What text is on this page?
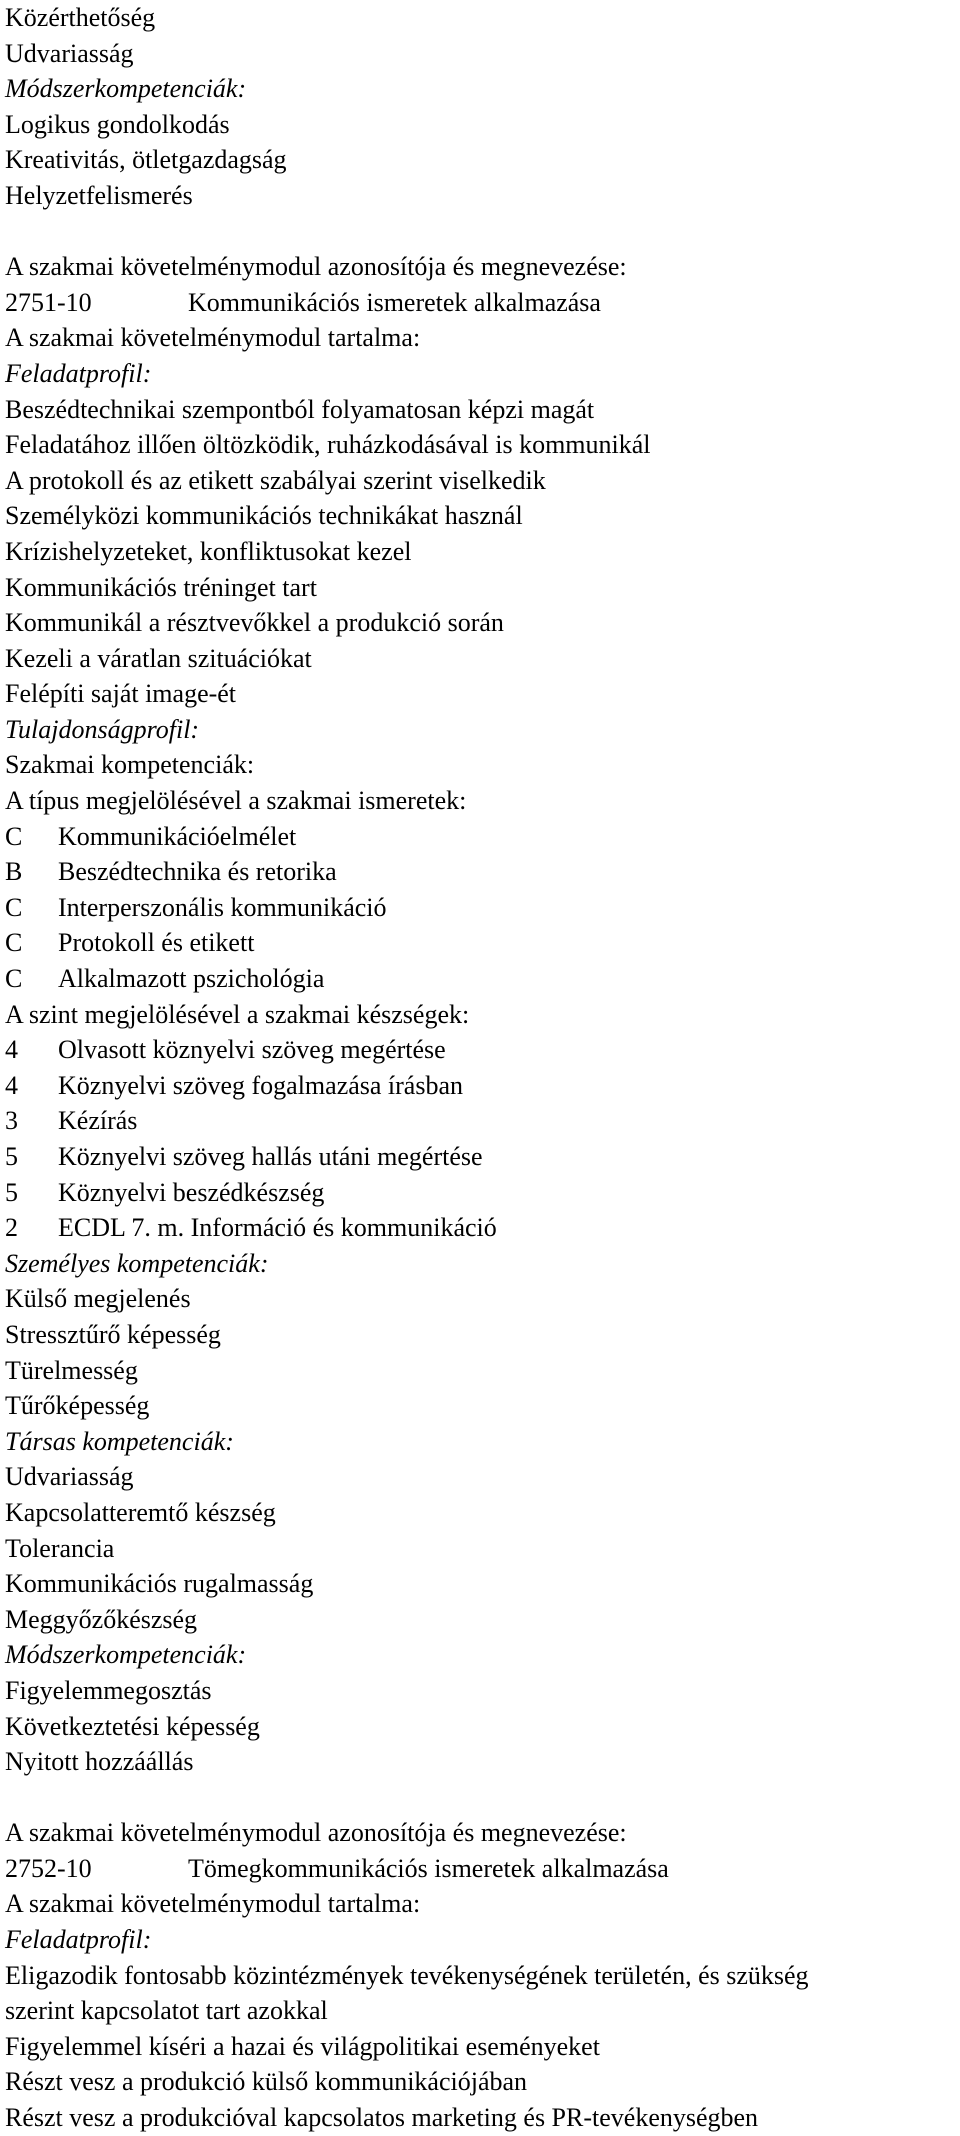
Közérthetőség
Udvariasság
Módszerkompetenciák:
Logikus gondolkodás
Kreativitás, ötletgazdagság
Helyzetfelismerés
A szakmai követelménymodul azonosítója és megnevezése:
2751-10	Kommunikációs ismeretek alkalmazása
A szakmai követelménymodul tartalma:
Feladatprofil:
Beszédtechnikai szempontból folyamatosan képzi magát
Feladatához illően öltözködik, ruházkodásával is kommunikál
A protokoll és az etikett szabályai szerint viselkedik
Személyközi kommunikációs technikákat használ
Krízishelyzeteket, konfliktusokat kezel
Kommunikációs tréninget tart
Kommunikál a résztvevőkkel a produkció során
Kezeli a váratlan szituációkat
Felépíti saját image-ét
Tulajdonságprofil:
Szakmai kompetenciák:
A típus megjelölésével a szakmai ismeretek:
C Kommunikációelmélet
B Beszédtechnika és retorika
C Interperszonális kommunikáció
C Protokoll és etikett
C Alkalmazott pszichológia
A szint megjelölésével a szakmai készségek:
4 Olvasott köznyelvi szöveg megértése
4 Köznyelvi szöveg fogalmazása írásban
3 Kézírás
5 Köznyelvi szöveg hallás utáni megértése
5 Köznyelvi beszédkészség
2 ECDL 7. m. Információ és kommunikáció
Személyes kompetenciák:
Külső megjelenés
Stressztűrő képesség
Türelmesség
Tűrőképesség
Társas kompetenciák:
Udvariasság
Kapcsolatteremtő készség
Tolerancia
Kommunikációs rugalmasság
Meggyőzőkészség
Módszerkompetenciák:
Figyelemmegosztás
Következtetési képesség
Nyitott hozzáállás
A szakmai követelménymodul azonosítója és megnevezése:
2752-10	Tömegkommunikációs ismeretek alkalmazása
A szakmai követelménymodul tartalma:
Feladatprofil:
Eligazodik fontosabb közintézmények tevékenységének területén, és szükség
szerint kapcsolatot tart azokkal
Figyelemmel kíséri a hazai és világpolitikai eseményeket
Részt vesz a produkció külső kommunikációjában
Részt vesz a produkcióval kapcsolatos marketing és PR-tevékenységben
